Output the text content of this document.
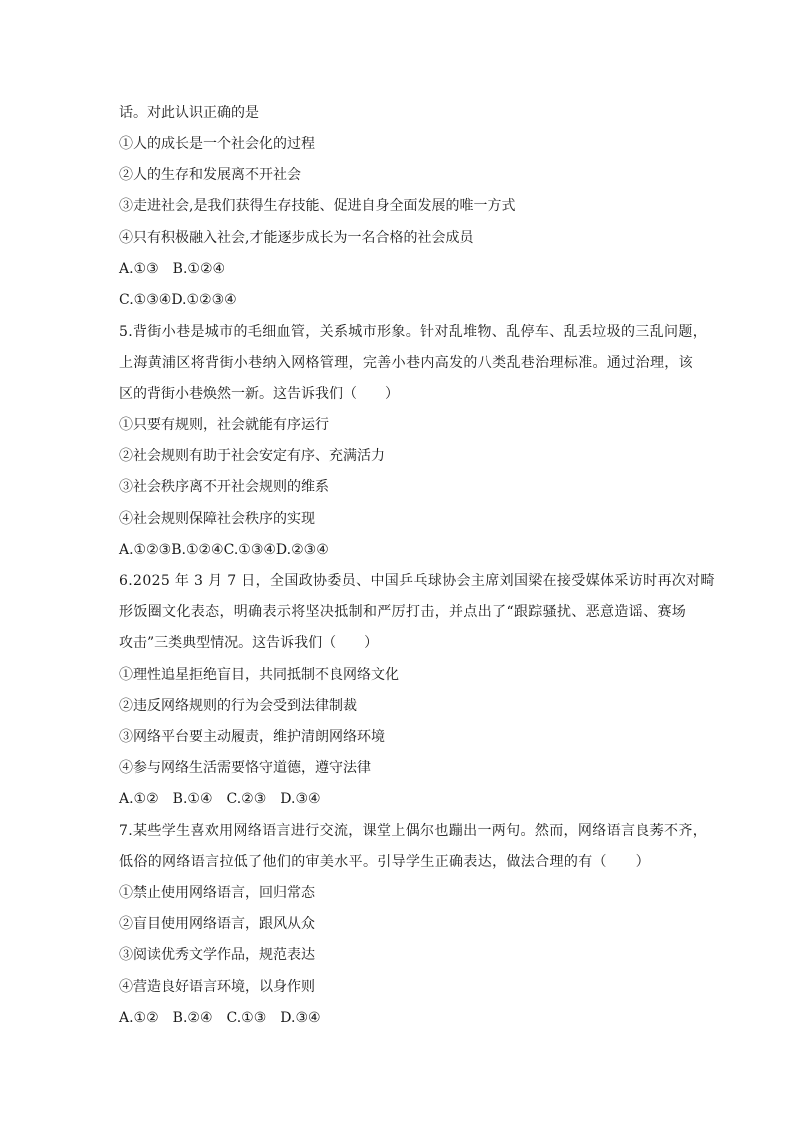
话。对此认识正确的是
①人的成长是一个社会化的过程
②人的生存和发展离不开社会
③走进社会,是我们获得生存技能、促进自身全面发展的唯一方式
④只有积极融入社会,才能逐步成长为一名合格的社会成员
A.①③　B.①②④
C.①③④D.①②③④
5.背街小巷是城市的毛细血管，关系城市形象。针对乱堆物、乱停车、乱丢垃圾的三乱问题，
上海黄浦区将背街小巷纳入网格管理，完善小巷内高发的八类乱巷治理标准。通过治理，该
区的背街小巷焕然一新。这告诉我们（　　）
①只要有规则，社会就能有序运行
②社会规则有助于社会安定有序、充满活力
③社会秩序离不开社会规则的维系
④社会规则保障社会秩序的实现
A.①②③B.①②④C.①③④D.②③④
6.2025 年 3 月 7 日，全国政协委员、中国乒乓球协会主席刘国梁在接受媒体采访时再次对畸
形饭圈文化表态，明确表示将坚决抵制和严厉打击，并点出了“跟踪骚扰、恶意造谣、赛场
攻击”三类典型情况。这告诉我们（　　）
①理性追星拒绝盲目，共同抵制不良网络文化
②违反网络规则的行为会受到法律制裁
③网络平台要主动履责，维护清朗网络环境
④参与网络生活需要恪守道德，遵守法律
A.①②　B.①④　C.②③　D.③④
7.某些学生喜欢用网络语言进行交流，课堂上偶尔也蹦出一两句。然而，网络语言良莠不齐，
低俗的网络语言拉低了他们的审美水平。引导学生正确表达，做法合理的有（　　）
①禁止使用网络语言，回归常态
②盲目使用网络语言，跟风从众
③阅读优秀文学作品，规范表达
④营造良好语言环境，以身作则
A.①②　B.②④　C.①③　D.③④
